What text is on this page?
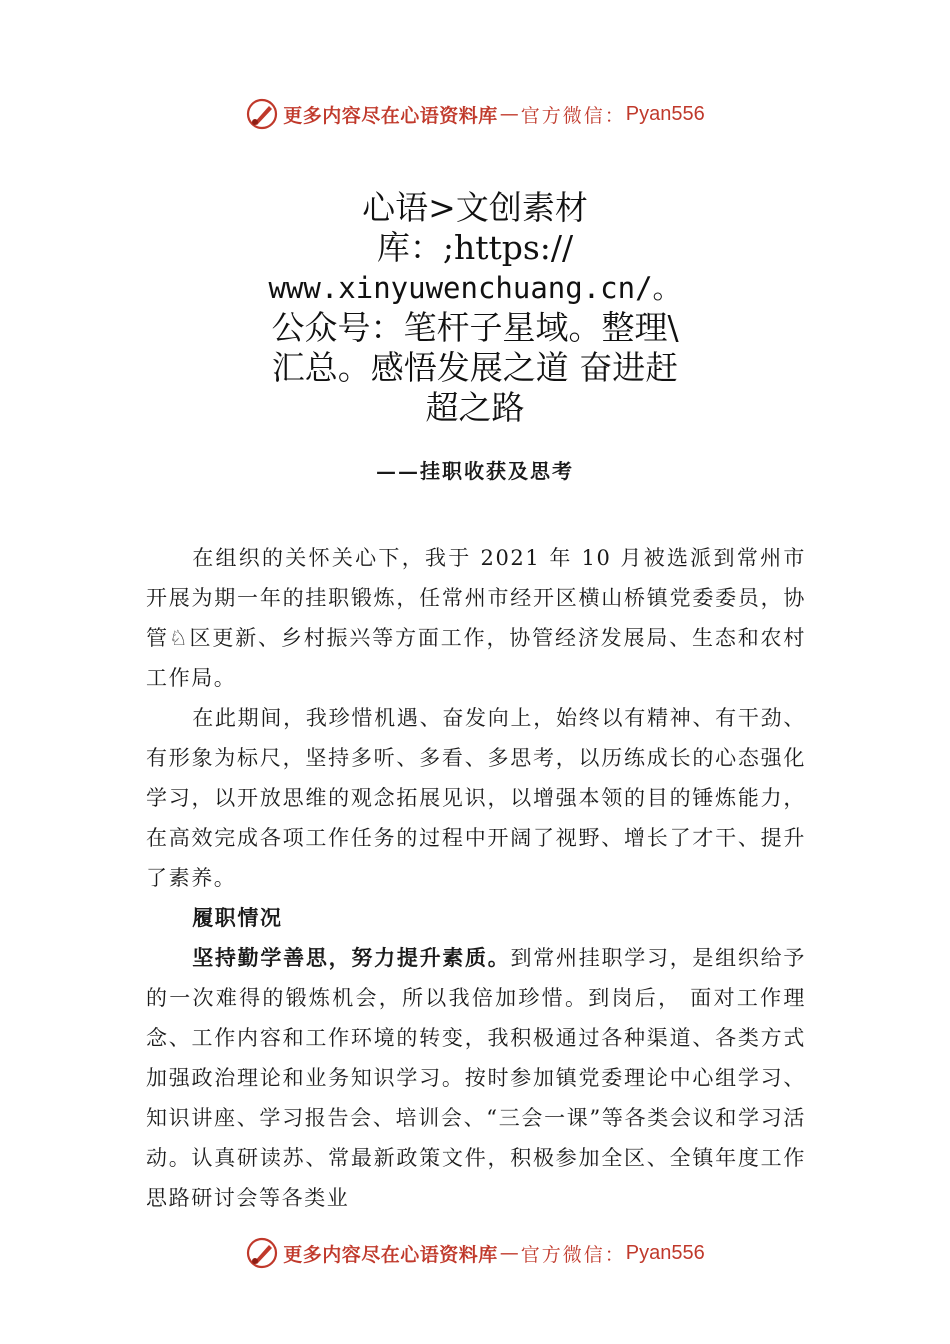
更多内容尽在心语资料库 — 官方微信： Pyan556
心语>文创素材
库：;https://
www.xinyuwenchuang.cn/。
公众号：笔杆子星域。整理\
汇总。感悟发展之道 奋进赶
超之路
——挂职收获及思考

在组织的关怀关心下，我于 2021 年 10 月被选派到常州市开展为期一年的挂职锻炼，任常州市经开区横山桥镇党委委员，协管♘区更新、乡村振兴等方面工作，协管经济发展局、生态和农村工作局。

在此期间，我珍惜机遇、奋发向上，始终以有精神、有干劲、有形象为标尺，坚持多听、多看、多思考，以历练成长的心态强化学习，以开放思维的观念拓展见识，以增强本领的目的锤炼能力，在高效完成各项工作任务的过程中开阔了视野、增长了才干、提升了素养。

履职情况

坚持勤学善思，努力提升素质。到常州挂职学习，是组织给予的一次难得的锻炼机会，所以我倍加珍惜。到岗后， 面对工作理念、工作内容和工作环境的转变，我积极通过各种渠道、各类方式加强政治理论和业务知识学习。按时参加镇党委理论中心组学习、知识讲座、学习报告会、培训会、“三会一课”等各类会议和学习活动。认真研读苏、常最新政策文件，积极参加全区、全镇年度工作思路研讨会等各类业

更多内容尽在心语资料库 — 官方微信： Pyan556
